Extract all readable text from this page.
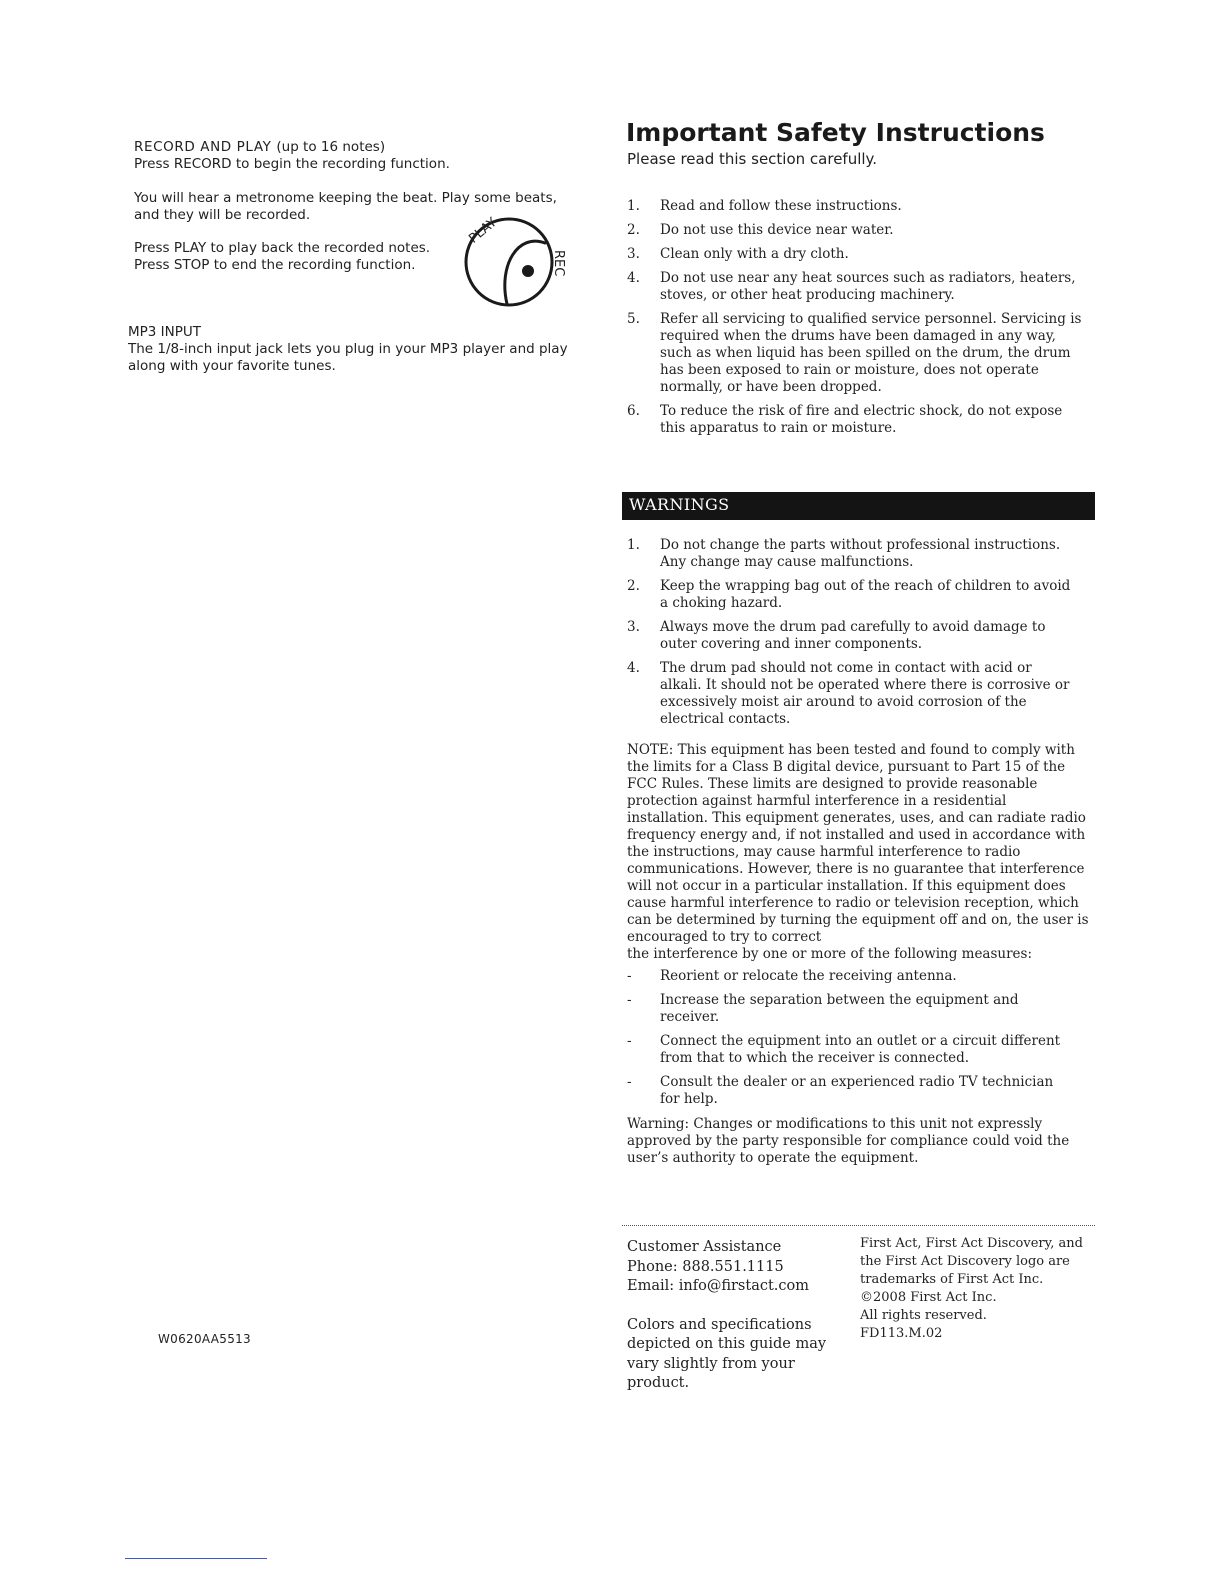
RECORD AND PLAY (up to 16 notes)
Press RECORD to begin the recording function.
You will hear a metronome keeping the beat. Play some beats, and they will be recorded.
Press PLAY to play back the recorded notes.
Press STOP to end the recording function.
PLAY
REC
MP3 INPUT
The 1/8-inch input jack lets you plug in your MP3 player and play along with your favorite tunes.
W0620AA5513
Important Safety Instructions
Please read this section carefully.
1. Read and follow these instructions.
2. Do not use this device near water.
3. Clean only with a dry cloth.
4. Do not use near any heat sources such as radiators, heaters, stoves, or other heat producing machinery.
5. Refer all servicing to qualified service personnel. Servicing is required when the drums have been damaged in any way, such as when liquid has been spilled on the drum, the drum has been exposed to rain or moisture, does not operate normally, or have been dropped.
6. To reduce the risk of fire and electric shock, do not expose this apparatus to rain or moisture.
WARNINGS
1. Do not change the parts without professional instructions. Any change may cause malfunctions.
2. Keep the wrapping bag out of the reach of children to avoid a choking hazard.
3. Always move the drum pad carefully to avoid damage to outer covering and inner components.
4. The drum pad should not come in contact with acid or alkali. It should not be operated where there is corrosive or excessively moist air around to avoid corrosion of the electrical contacts.
NOTE: This equipment has been tested and found to comply with the limits for a Class B digital device, pursuant to Part 15 of the FCC Rules. These limits are designed to provide reasonable protection against harmful interference in a residential installation. This equipment generates, uses, and can radiate radio frequency energy and, if not installed and used in accordance with the instructions, may cause harmful interference to radio communications. However, there is no guarantee that interference will not occur in a particular installation. If this equipment does cause harmful interference to radio or television reception, which can be determined by turning the equipment off and on, the user is encouraged to try to correct
the interference by one or more of the following measures:
- Reorient or relocate the receiving antenna.
- Increase the separation between the equipment and receiver.
- Connect the equipment into an outlet or a circuit different from that to which the receiver is connected.
- Consult the dealer or an experienced radio TV technician for help.
Warning: Changes or modifications to this unit not expressly approved by the party responsible for compliance could void the user’s authority to operate the equipment.
Customer Assistance
Phone: 888.551.1115
Email: info@firstact.com
Colors and specifications depicted on this guide may vary slightly from your product.
First Act, First Act Discovery, and the First Act Discovery logo are trademarks of First Act Inc.
©2008 First Act Inc.
All rights reserved.
FD113.M.02
